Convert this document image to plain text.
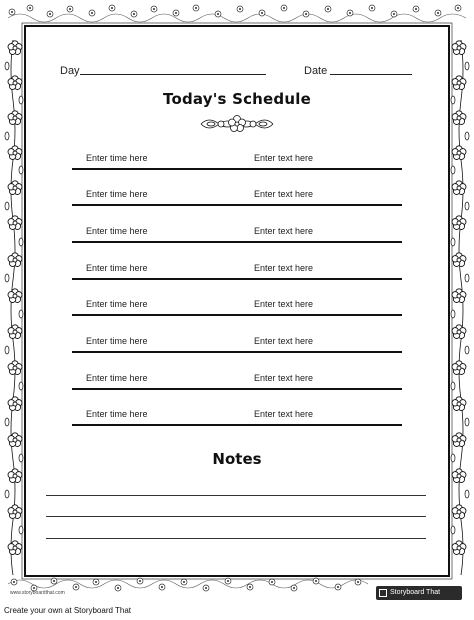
Day	Date
Today's Schedule
Enter time here	Enter text here
Enter time here	Enter text here
Enter time here	Enter text here
Enter time here	Enter text here
Enter time here	Enter text here
Enter time here	Enter text here
Enter time here	Enter text here
Enter time here	Enter text here
Notes
www.storyboardthat.com	Storyboard That
Create your own at Storyboard That
